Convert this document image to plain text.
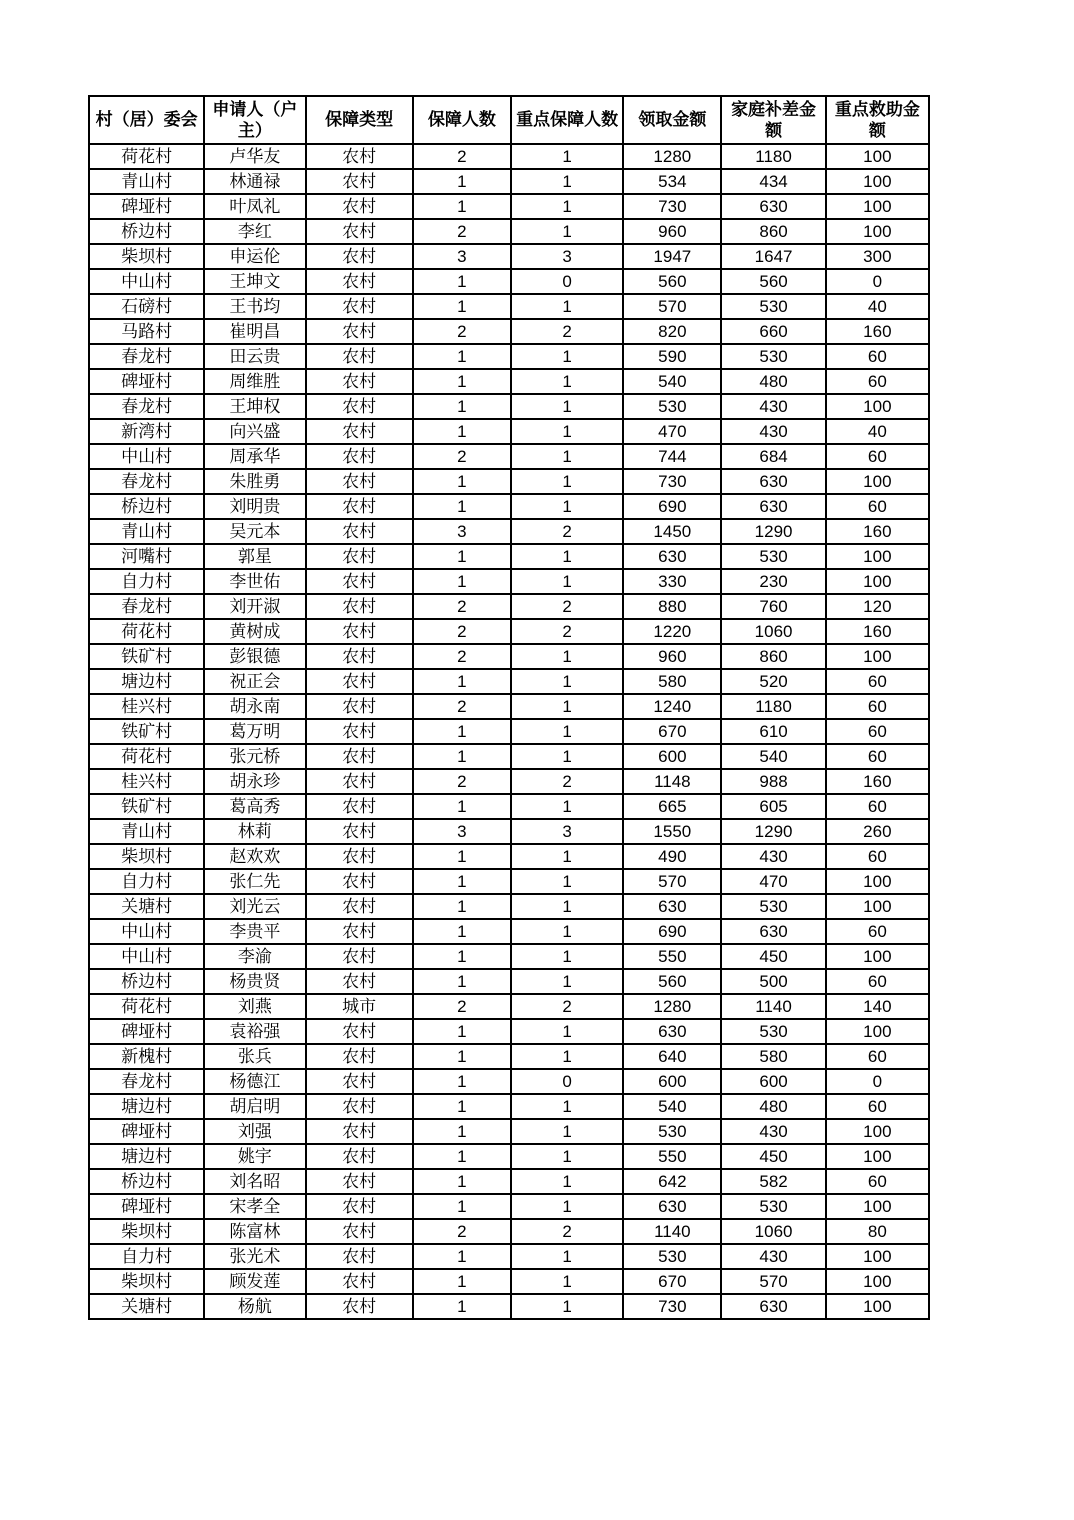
村（居）委会	申请人（户主）	保障类型	保障人数	重点保障人数	领取金额	家庭补差金额	重点救助金额
荷花村	卢华友	农村	2	1	1280	1180	100
青山村	林通禄	农村	1	1	534	434	100
碑垭村	叶凤礼	农村	1	1	730	630	100
桥边村	李红	农村	2	1	960	860	100
柴坝村	申运伦	农村	3	3	1947	1647	300
中山村	王坤文	农村	1	0	560	560	0
石磅村	王书均	农村	1	1	570	530	40
马路村	崔明昌	农村	2	2	820	660	160
春龙村	田云贵	农村	1	1	590	530	60
碑垭村	周维胜	农村	1	1	540	480	60
春龙村	王坤权	农村	1	1	530	430	100
新湾村	向兴盛	农村	1	1	470	430	40
中山村	周承华	农村	2	1	744	684	60
春龙村	朱胜勇	农村	1	1	730	630	100
桥边村	刘明贵	农村	1	1	690	630	60
青山村	吴元本	农村	3	2	1450	1290	160
河嘴村	郭星	农村	1	1	630	530	100
自力村	李世佑	农村	1	1	330	230	100
春龙村	刘开淑	农村	2	2	880	760	120
荷花村	黄树成	农村	2	2	1220	1060	160
铁矿村	彭银德	农村	2	1	960	860	100
塘边村	祝正会	农村	1	1	580	520	60
桂兴村	胡永南	农村	2	1	1240	1180	60
铁矿村	葛万明	农村	1	1	670	610	60
荷花村	张元桥	农村	1	1	600	540	60
桂兴村	胡永珍	农村	2	2	1148	988	160
铁矿村	葛高秀	农村	1	1	665	605	60
青山村	林莉	农村	3	3	1550	1290	260
柴坝村	赵欢欢	农村	1	1	490	430	60
自力村	张仁先	农村	1	1	570	470	100
关塘村	刘光云	农村	1	1	630	530	100
中山村	李贵平	农村	1	1	690	630	60
中山村	李渝	农村	1	1	550	450	100
桥边村	杨贵贤	农村	1	1	560	500	60
荷花村	刘燕	城市	2	2	1280	1140	140
碑垭村	袁裕强	农村	1	1	630	530	100
新槐村	张兵	农村	1	1	640	580	60
春龙村	杨德江	农村	1	0	600	600	0
塘边村	胡启明	农村	1	1	540	480	60
碑垭村	刘强	农村	1	1	530	430	100
塘边村	姚宇	农村	1	1	550	450	100
桥边村	刘名昭	农村	1	1	642	582	60
碑垭村	宋孝全	农村	1	1	630	530	100
柴坝村	陈富林	农村	2	2	1140	1060	80
自力村	张光术	农村	1	1	530	430	100
柴坝村	顾发莲	农村	1	1	670	570	100
关塘村	杨航	农村	1	1	730	630	100
